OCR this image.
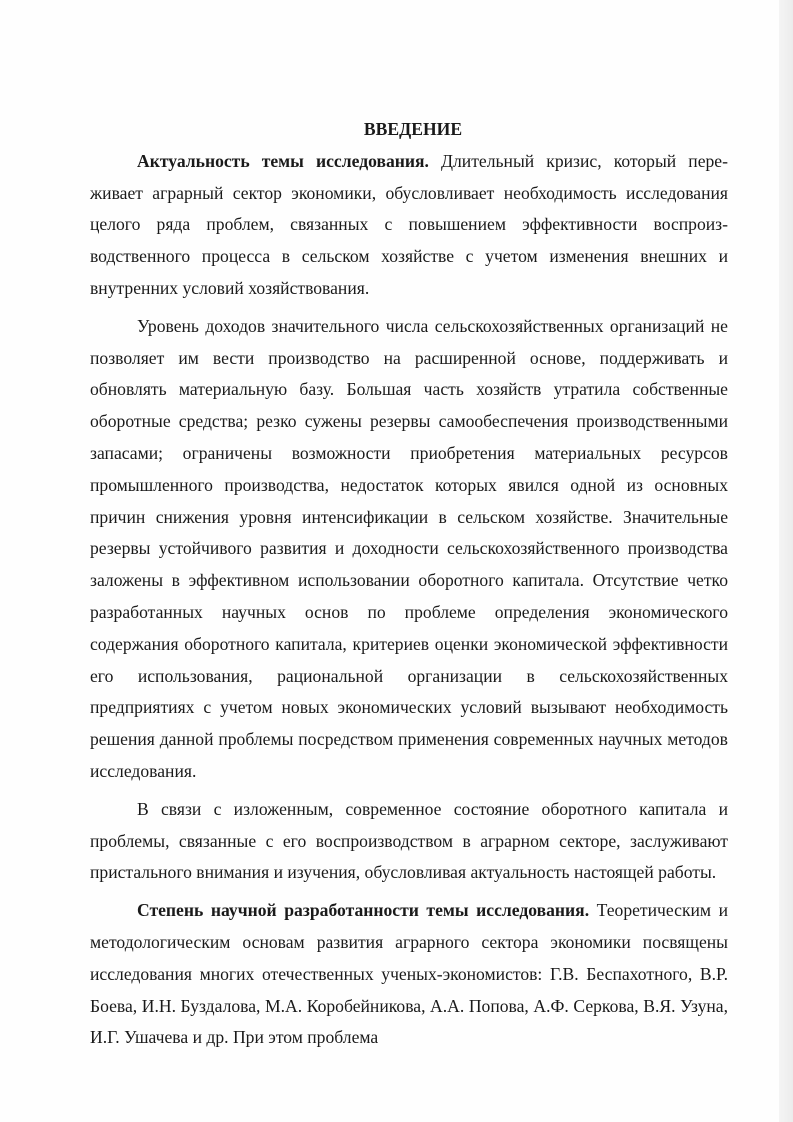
ВВЕДЕНИЕ

Актуальность темы исследования. Длительный кризис, который переживает аграрный сектор экономики, обусловливает необходимость исследования целого ряда проблем, связанных с повышением эффективности воспроизводственного процесса в сельском хозяйстве с учетом изменения внешних и внутренних условий хозяйствования.

Уровень доходов значительного числа сельскохозяйственных организаций не позволяет им вести производство на расширенной основе, поддерживать и обновлять материальную базу. Большая часть хозяйств утратила собственные оборотные средства; резко сужены резервы самообеспечения производственными запасами; ограничены возможности приобретения материальных ресурсов промышленного производства, недостаток которых явился одной из основных причин снижения уровня интенсификации в сельском хозяйстве. Значительные резервы устойчивого развития и доходности сельскохозяйственного производства заложены в эффективном использовании оборотного капитала. Отсутствие четко разработанных научных основ по проблеме определения экономического содержания оборотного капитала, критериев оценки экономической эффективности его использования, рациональной организации в сельскохозяйственных предприятиях с учетом новых экономических условий вызывают необходимость решения данной проблемы посредством применения современных научных методов исследования.

В связи с изложенным, современное состояние оборотного капитала и проблемы, связанные с его воспроизводством в аграрном секторе, заслуживают пристального внимания и изучения, обусловливая актуальность настоящей работы.

Степень научной разработанности темы исследования. Теоретическим и методологическим основам развития аграрного сектора экономики посвящены исследования многих отечественных ученых-экономистов: Г.В. Беспахотного, В.Р. Боева, И.Н. Буздалова, М.А. Коробейникова, А.А. Попова, А.Ф. Серкова, В.Я. Узуна, И.Г. Ушачева и др. При этом проблема
